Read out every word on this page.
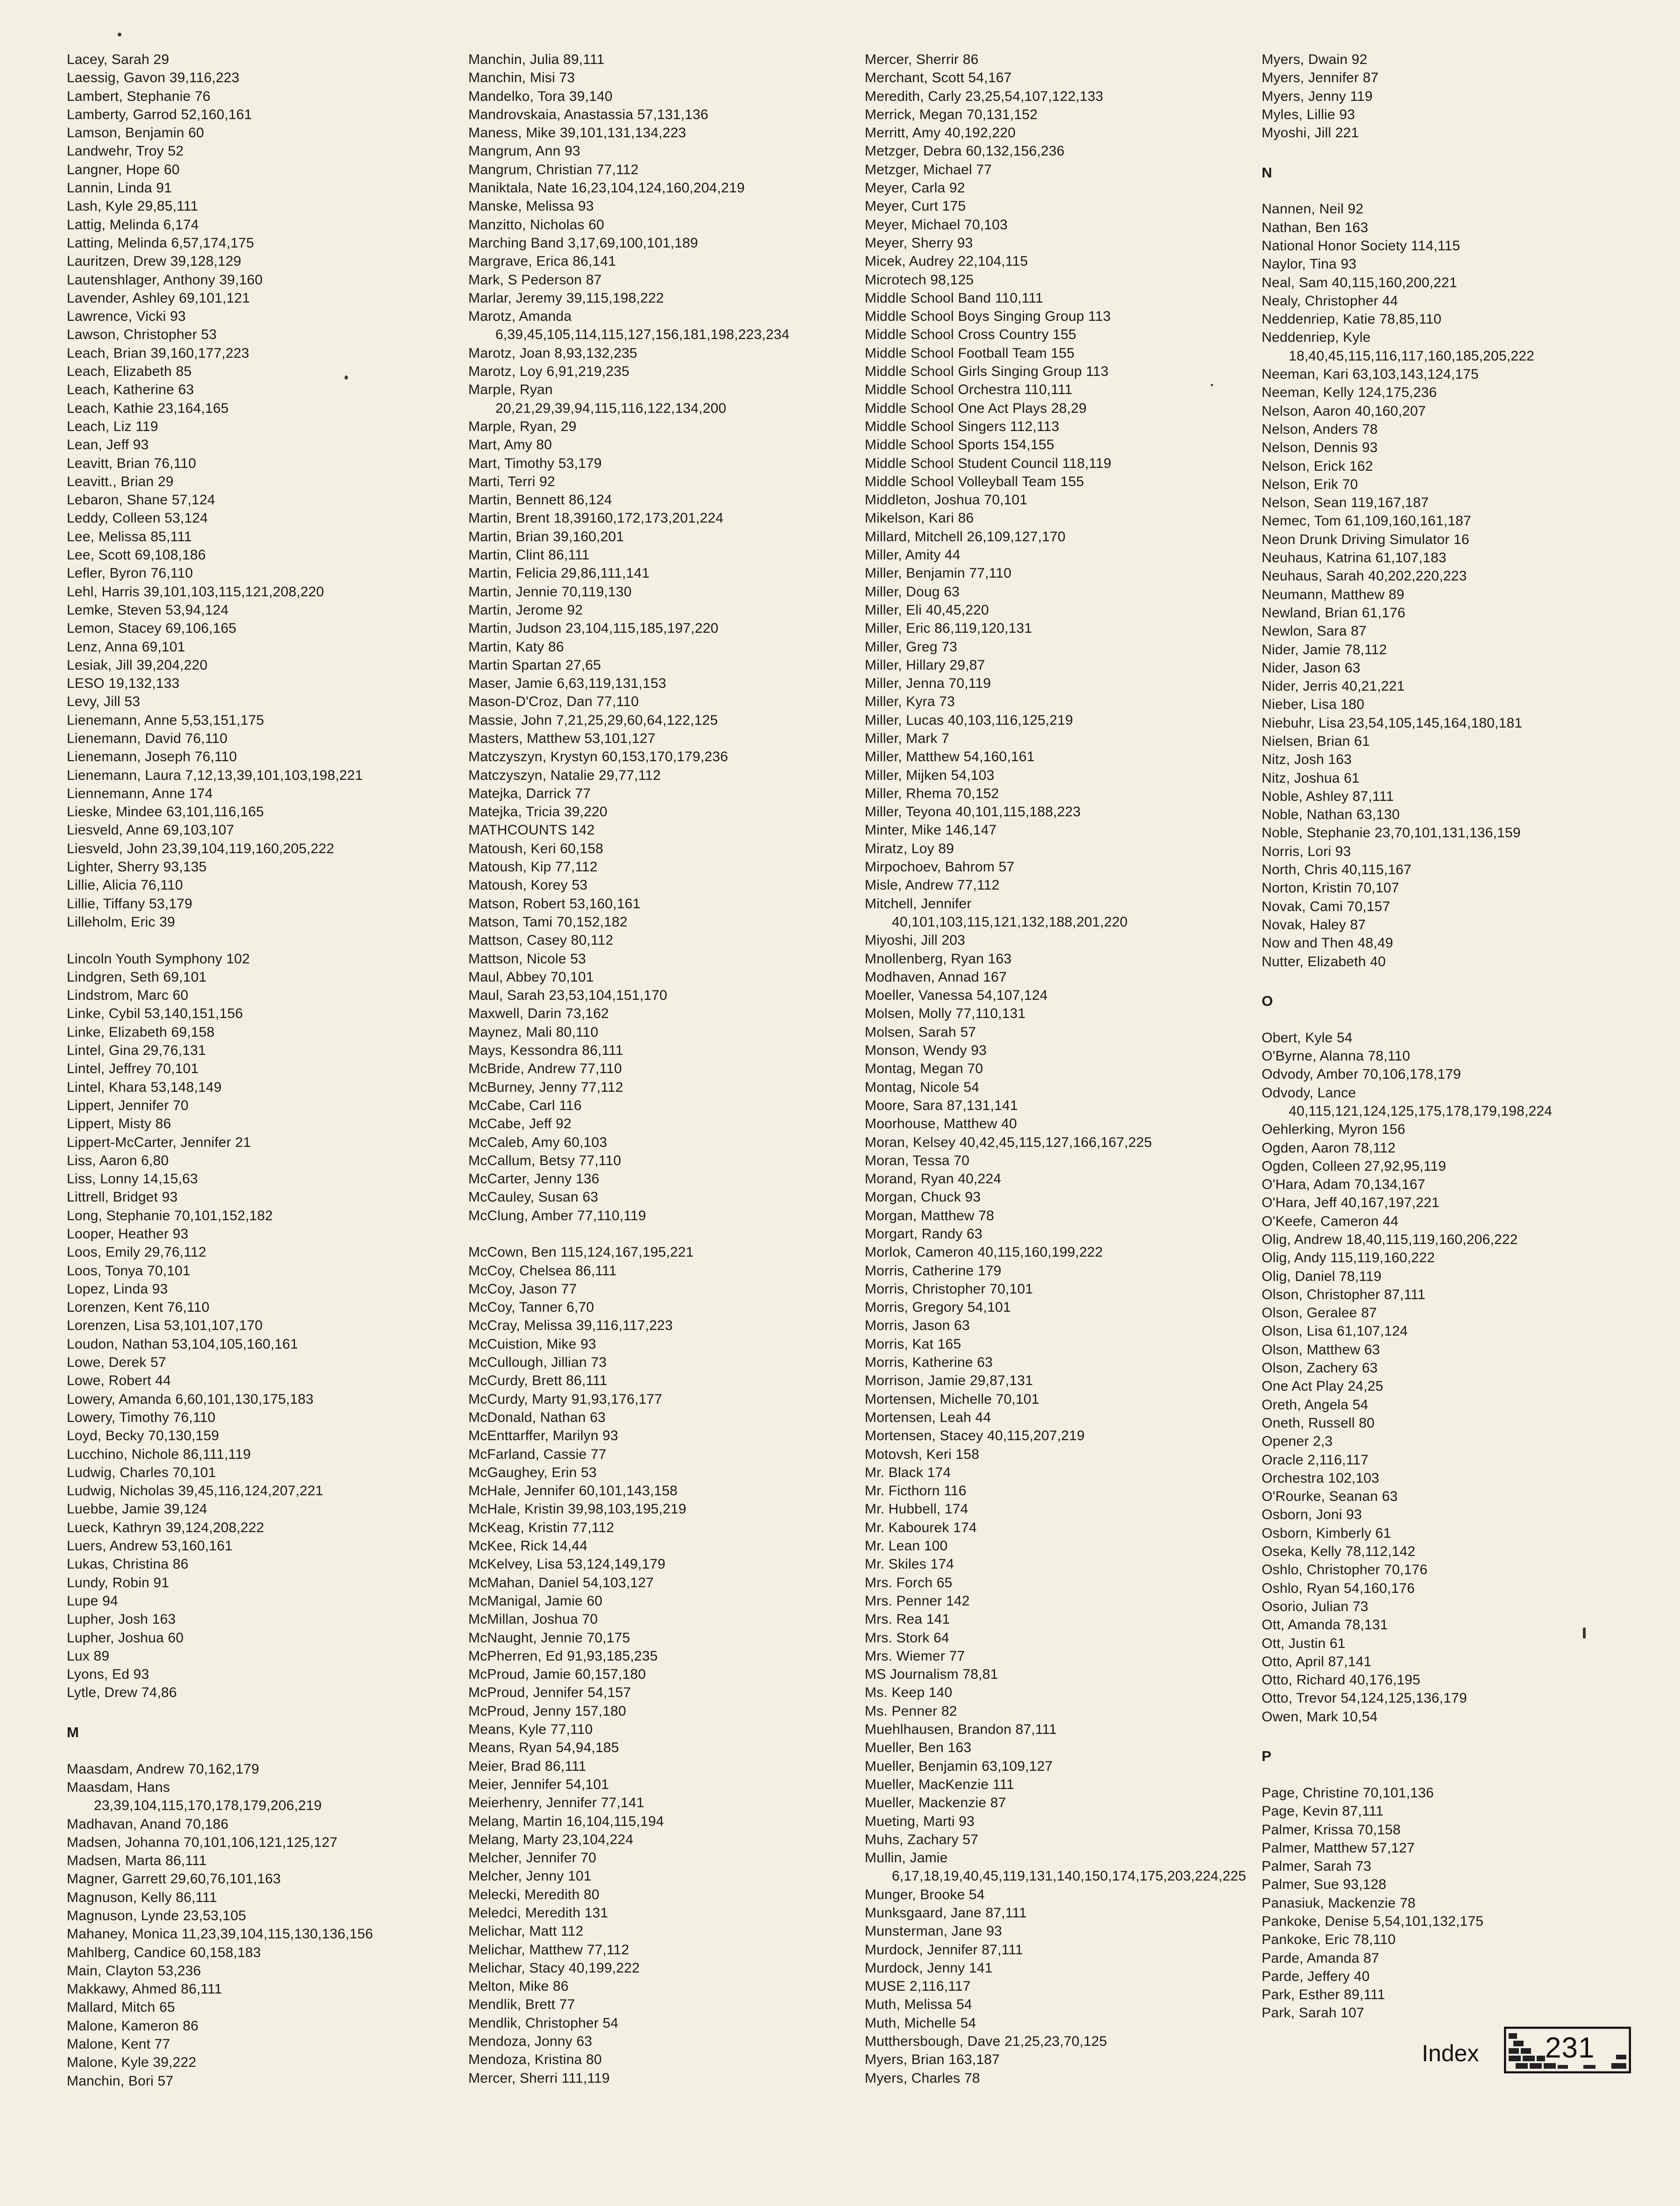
Lacey, Sarah 29
Laessig, Gavon 39,116,223
Lambert, Stephanie 76
Lamberty, Garrod 52,160,161
Lamson, Benjamin 60
Landwehr, Troy 52
Langner, Hope 60
Lannin, Linda 91
Lash, Kyle 29,85,111
Lattig, Melinda 6,174
Latting, Melinda 6,57,174,175
Lauritzen, Drew 39,128,129
Lautenshlager, Anthony 39,160
Lavender, Ashley 69,101,121
Lawrence, Vicki 93
Lawson, Christopher 53
Leach, Brian 39,160,177,223
Leach, Elizabeth 85
Leach, Katherine 63
Leach, Kathie 23,164,165
Leach, Liz 119
Lean, Jeff 93
Leavitt, Brian 76,110
Leavitt., Brian 29
Lebaron, Shane 57,124
Leddy, Colleen 53,124
Lee, Melissa 85,111
Lee, Scott 69,108,186
Lefler, Byron 76,110
Lehl, Harris 39,101,103,115,121,208,220
Lemke, Steven 53,94,124
Lemon, Stacey 69,106,165
Lenz, Anna 69,101
Lesiak, Jill 39,204,220
LESO 19,132,133
Levy, Jill 53
Lienemann, Anne 5,53,151,175
Lienemann, David 76,110
Lienemann, Joseph 76,110
Lienemann, Laura 7,12,13,39,101,103,198,221
Liennemann, Anne 174
Lieske, Mindee 63,101,116,165
Liesveld, Anne 69,103,107
Liesveld, John 23,39,104,119,160,205,222
Lighter, Sherry 93,135
Lillie, Alicia 76,110
Lillie, Tiffany 53,179
Lilleholm, Eric 39
Lincoln Youth Symphony 102
Lindgren, Seth 69,101
Lindstrom, Marc 60
Linke, Cybil 53,140,151,156
Linke, Elizabeth 69,158
Lintel, Gina 29,76,131
Lintel, Jeffrey 70,101
Lintel, Khara 53,148,149
Lippert, Jennifer 70
Lippert, Misty 86
Lippert-McCarter, Jennifer 21
Liss, Aaron 6,80
Liss, Lonny 14,15,63
Littrell, Bridget 93
Long, Stephanie 70,101,152,182
Looper, Heather 93
Loos, Emily 29,76,112
Loos, Tonya 70,101
Lopez, Linda 93
Lorenzen, Kent 76,110
Lorenzen, Lisa 53,101,107,170
Loudon, Nathan 53,104,105,160,161
Lowe, Derek 57
Lowe, Robert 44
Lowery, Amanda 6,60,101,130,175,183
Lowery, Timothy 76,110
Loyd, Becky 70,130,159
Lucchino, Nichole 86,111,119
Ludwig, Charles 70,101
Ludwig, Nicholas 39,45,116,124,207,221
Luebbe, Jamie 39,124
Lueck, Kathryn 39,124,208,222
Luers, Andrew 53,160,161
Lukas, Christina 86
Lundy, Robin 91
Lupe 94
Lupher, Josh 163
Lupher, Joshua 60
Lux 89
Lyons, Ed 93
Lytle, Drew 74,86
M
Maasdam, Andrew 70,162,179
Maasdam, Hans
23,39,104,115,170,178,179,206,219
Madhavan, Anand 70,186
Madsen, Johanna 70,101,106,121,125,127
Madsen, Marta 86,111
Magner, Garrett 29,60,76,101,163
Magnuson, Kelly 86,111
Magnuson, Lynde 23,53,105
Mahaney, Monica 11,23,39,104,115,130,136,156
Mahlberg, Candice 60,158,183
Main, Clayton 53,236
Makkawy, Ahmed 86,111
Mallard, Mitch 65
Malone, Kameron 86
Malone, Kent 77
Malone, Kyle 39,222
Manchin, Bori 57
Manchin, Julia 89,111
Manchin, Misi 73
Mandelko, Tora 39,140
Mandrovskaia, Anastassia 57,131,136
Maness, Mike 39,101,131,134,223
Mangrum, Ann 93
Mangrum, Christian 77,112
Maniktala, Nate 16,23,104,124,160,204,219
Manske, Melissa 93
Manzitto, Nicholas 60
Marching Band 3,17,69,100,101,189
Margrave, Erica 86,141
Mark, S Pederson 87
Marlar, Jeremy 39,115,198,222
Marotz, Amanda
6,39,45,105,114,115,127,156,181,198,223,234
Marotz, Joan 8,93,132,235
Marotz, Loy 6,91,219,235
Marple, Ryan
20,21,29,39,94,115,116,122,134,200
Marple, Ryan, 29
Mart, Amy 80
Mart, Timothy 53,179
Marti, Terri 92
Martin, Bennett 86,124
Martin, Brent 18,39160,172,173,201,224
Martin, Brian 39,160,201
Martin, Clint 86,111
Martin, Felicia 29,86,111,141
Martin, Jennie 70,119,130
Martin, Jerome 92
Martin, Judson 23,104,115,185,197,220
Martin, Katy 86
Martin Spartan 27,65
Maser, Jamie 6,63,119,131,153
Mason-D'Croz, Dan 77,110
Massie, John 7,21,25,29,60,64,122,125
Masters, Matthew 53,101,127
Matczyszyn, Krystyn 60,153,170,179,236
Matczyszyn, Natalie 29,77,112
Matejka, Darrick 77
Matejka, Tricia 39,220
MATHCOUNTS 142
Matoush, Keri 60,158
Matoush, Kip 77,112
Matoush, Korey 53
Matson, Robert 53,160,161
Matson, Tami 70,152,182
Mattson, Casey 80,112
Mattson, Nicole 53
Maul, Abbey 70,101
Maul, Sarah 23,53,104,151,170
Maxwell, Darin 73,162
Maynez, Mali 80,110
Mays, Kessondra 86,111
McBride, Andrew 77,110
McBurney, Jenny 77,112
McCabe, Carl 116
McCabe, Jeff 92
McCaleb, Amy 60,103
McCallum, Betsy 77,110
McCarter, Jenny 136
McCauley, Susan 63
McClung, Amber 77,110,119
McCown, Ben 115,124,167,195,221
McCoy, Chelsea 86,111
McCoy, Jason 77
McCoy, Tanner 6,70
McCray, Melissa 39,116,117,223
McCuistion, Mike 93
McCullough, Jillian 73
McCurdy, Brett 86,111
McCurdy, Marty 91,93,176,177
McDonald, Nathan 63
McEnttarffer, Marilyn 93
McFarland, Cassie 77
McGaughey, Erin 53
McHale, Jennifer 60,101,143,158
McHale, Kristin 39,98,103,195,219
McKeag, Kristin 77,112
McKee, Rick 14,44
McKelvey, Lisa 53,124,149,179
McMahan, Daniel 54,103,127
McManigal, Jamie 60
McMillan, Joshua 70
McNaught, Jennie 70,175
McPherren, Ed 91,93,185,235
McProud, Jamie 60,157,180
McProud, Jennifer 54,157
McProud, Jenny 157,180
Means, Kyle 77,110
Means, Ryan 54,94,185
Meier, Brad 86,111
Meier, Jennifer 54,101
Meierhenry, Jennifer 77,141
Melang, Martin 16,104,115,194
Melang, Marty 23,104,224
Melcher, Jennifer 70
Melcher, Jenny 101
Melecki, Meredith 80
Meledci, Meredith 131
Melichar, Matt 112
Melichar, Matthew 77,112
Melichar, Stacy 40,199,222
Melton, Mike 86
Mendlik, Brett 77
Mendlik, Christopher 54
Mendoza, Jonny 63
Mendoza, Kristina 80
Mercer, Sherri 111,119
Mercer, Sherrir 86
Merchant, Scott 54,167
Meredith, Carly 23,25,54,107,122,133
Merrick, Megan 70,131,152
Merritt, Amy 40,192,220
Metzger, Debra 60,132,156,236
Metzger, Michael 77
Meyer, Carla 92
Meyer, Curt 175
Meyer, Michael 70,103
Meyer, Sherry 93
Micek, Audrey 22,104,115
Microtech 98,125
Middle School Band 110,111
Middle School Boys Singing Group 113
Middle School Cross Country 155
Middle School Football Team 155
Middle School Girls Singing Group 113
Middle School Orchestra 110,111
Middle School One Act Plays 28,29
Middle School Singers 112,113
Middle School Sports 154,155
Middle School Student Council 118,119
Middle School Volleyball Team 155
Middleton, Joshua 70,101
Mikelson, Kari 86
Millard, Mitchell 26,109,127,170
Miller, Amity 44
Miller, Benjamin 77,110
Miller, Doug 63
Miller, Eli 40,45,220
Miller, Eric 86,119,120,131
Miller, Greg 73
Miller, Hillary 29,87
Miller, Jenna 70,119
Miller, Kyra 73
Miller, Lucas 40,103,116,125,219
Miller, Mark 7
Miller, Matthew 54,160,161
Miller, Mijken 54,103
Miller, Rhema 70,152
Miller, Teyona 40,101,115,188,223
Minter, Mike 146,147
Miratz, Loy 89
Mirpochoev, Bahrom 57
Misle, Andrew 77,112
Mitchell, Jennifer
40,101,103,115,121,132,188,201,220
Miyoshi, Jill 203
Mnollenberg, Ryan 163
Modhaven, Annad 167
Moeller, Vanessa 54,107,124
Molsen, Molly 77,110,131
Molsen, Sarah 57
Monson, Wendy 93
Montag, Megan 70
Montag, Nicole 54
Moore, Sara 87,131,141
Moorhouse, Matthew 40
Moran, Kelsey 40,42,45,115,127,166,167,225
Moran, Tessa 70
Morand, Ryan 40,224
Morgan, Chuck 93
Morgan, Matthew 78
Morgart, Randy 63
Morlok, Cameron 40,115,160,199,222
Morris, Catherine 179
Morris, Christopher 70,101
Morris, Gregory 54,101
Morris, Jason 63
Morris, Kat 165
Morris, Katherine 63
Morrison, Jamie 29,87,131
Mortensen, Michelle 70,101
Mortensen, Leah 44
Mortensen, Stacey 40,115,207,219
Motovsh, Keri 158
Mr. Black 174
Mr. Ficthorn 116
Mr. Hubbell, 174
Mr. Kabourek 174
Mr. Lean 100
Mr. Skiles 174
Mrs. Forch 65
Mrs. Penner 142
Mrs. Rea 141
Mrs. Stork 64
Mrs. Wiemer 77
MS Journalism 78,81
Ms. Keep 140
Ms. Penner 82
Muehlhausen, Brandon 87,111
Mueller, Ben 163
Mueller, Benjamin 63,109,127
Mueller, MacKenzie 111
Mueller, Mackenzie 87
Mueting, Marti 93
Muhs, Zachary 57
Mullin, Jamie
6,17,18,19,40,45,119,131,140,150,174,175,203,224,225
Munger, Brooke 54
Munksgaard, Jane 87,111
Munsterman, Jane 93
Murdock, Jennifer 87,111
Murdock, Jenny 141
MUSE 2,116,117
Muth, Melissa 54
Muth, Michelle 54
Mutthersbough, Dave 21,25,23,70,125
Myers, Brian 163,187
Myers, Charles 78
Myers, Dwain 92
Myers, Jennifer 87
Myers, Jenny 119
Myles, Lillie 93
Myoshi, Jill 221
N
Nannen, Neil 92
Nathan, Ben 163
National Honor Society 114,115
Naylor, Tina 93
Neal, Sam 40,115,160,200,221
Nealy, Christopher 44
Neddenriep, Katie 78,85,110
Neddenriep, Kyle
18,40,45,115,116,117,160,185,205,222
Neeman, Kari 63,103,143,124,175
Neeman, Kelly 124,175,236
Nelson, Aaron 40,160,207
Nelson, Anders 78
Nelson, Dennis 93
Nelson, Erick 162
Nelson, Erik 70
Nelson, Sean 119,167,187
Nemec, Tom 61,109,160,161,187
Neon Drunk Driving Simulator 16
Neuhaus, Katrina 61,107,183
Neuhaus, Sarah 40,202,220,223
Neumann, Matthew 89
Newland, Brian 61,176
Newlon, Sara 87
Nider, Jamie 78,112
Nider, Jason 63
Nider, Jerris 40,21,221
Nieber, Lisa 180
Niebuhr, Lisa 23,54,105,145,164,180,181
Nielsen, Brian 61
Nitz, Josh 163
Nitz, Joshua 61
Noble, Ashley 87,111
Noble, Nathan 63,130
Noble, Stephanie 23,70,101,131,136,159
Norris, Lori 93
North, Chris 40,115,167
Norton, Kristin 70,107
Novak, Cami 70,157
Novak, Haley 87
Now and Then 48,49
Nutter, Elizabeth 40
O
Obert, Kyle 54
O'Byrne, Alanna 78,110
Odvody, Amber 70,106,178,179
Odvody, Lance
40,115,121,124,125,175,178,179,198,224
Oehlerking, Myron 156
Ogden, Aaron 78,112
Ogden, Colleen 27,92,95,119
O'Hara, Adam 70,134,167
O'Hara, Jeff 40,167,197,221
O'Keefe, Cameron 44
Olig, Andrew 18,40,115,119,160,206,222
Olig, Andy 115,119,160,222
Olig, Daniel 78,119
Olson, Christopher 87,111
Olson, Geralee 87
Olson, Lisa 61,107,124
Olson, Matthew 63
Olson, Zachery 63
One Act Play 24,25
Oreth, Angela 54
Oneth, Russell 80
Opener 2,3
Oracle 2,116,117
Orchestra 102,103
O'Rourke, Seanan 63
Osborn, Joni 93
Osborn, Kimberly 61
Oseka, Kelly 78,112,142
Oshlo, Christopher 70,176
Oshlo, Ryan 54,160,176
Osorio, Julian 73
Ott, Amanda 78,131
Ott, Justin 61
Otto, April 87,141
Otto, Richard 40,176,195
Otto, Trevor 54,124,125,136,179
Owen, Mark 10,54
P
Page, Christine 70,101,136
Page, Kevin 87,111
Palmer, Krissa 70,158
Palmer, Matthew 57,127
Palmer, Sarah 73
Palmer, Sue 93,128
Panasiuk, Mackenzie 78
Pankoke, Denise 5,54,101,132,175
Pankoke, Eric 78,110
Parde, Amanda 87
Parde, Jeffery 40
Park, Esther 89,111
Park, Sarah 107
Index 231
